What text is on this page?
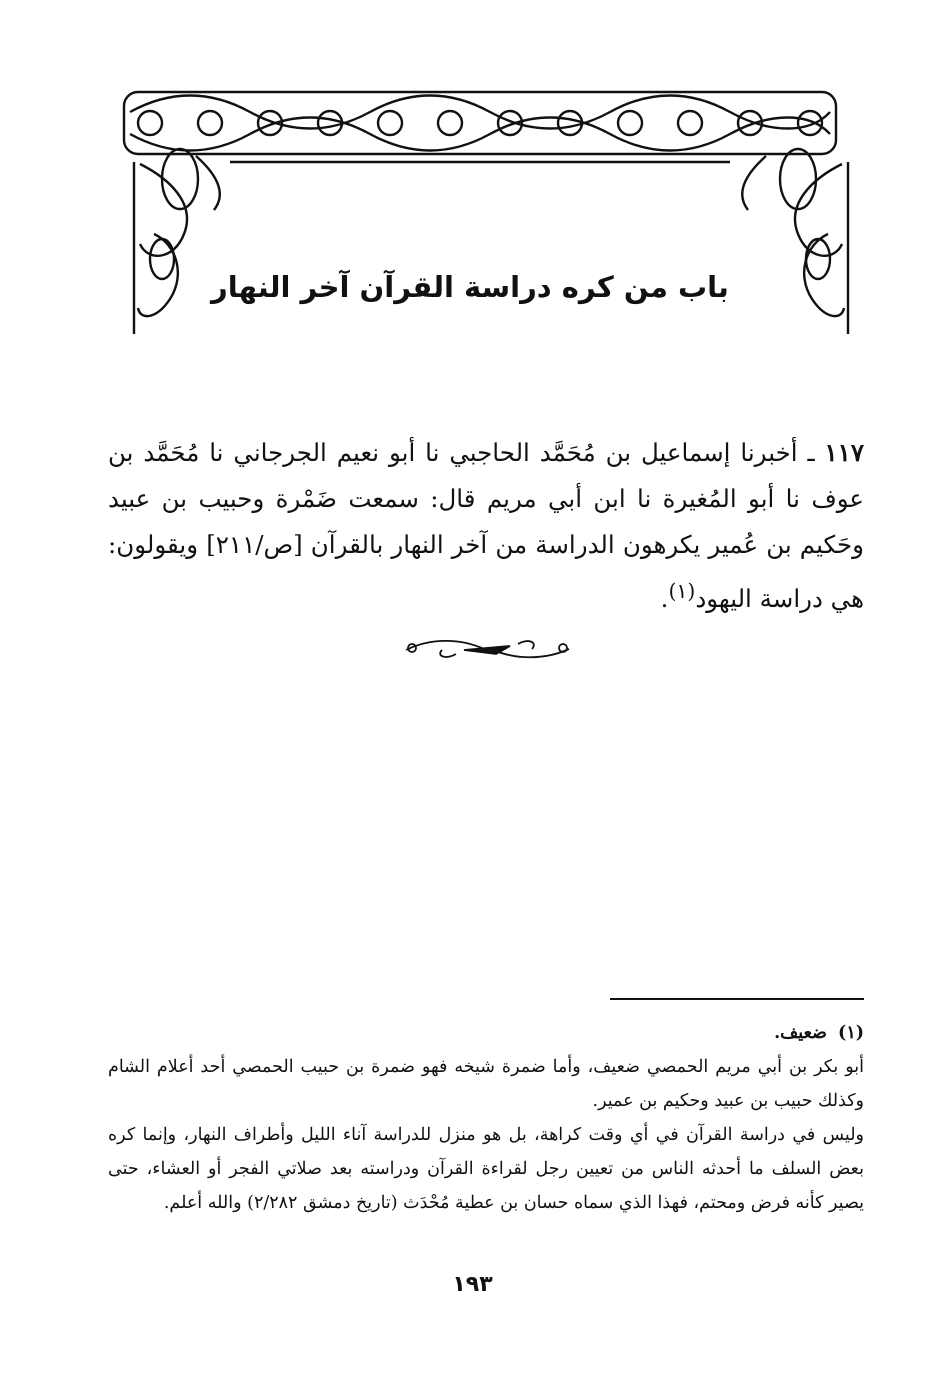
باب من كره دراسة القرآن آخر النهار
١١٧ ـ أخبرنا إسماعيل بن مُحَمَّد الحاجبي نا أبو نعيم الجرجاني نا مُحَمَّد بن عوف نا أبو المُغيرة نا ابن أبي مريم قال: سمعت ضَمْرة وحبيب بن عبيد وحَكيم بن عُمير يكرهون الدراسة من آخر النهار بالقرآن [ص/٢١١] ويقولون: هي دراسة اليهود$^{(١)}$.
(١)  ضعيف.

أبو بكر بن أبي مريم الحمصي ضعيف، وأما ضمرة شيخه فهو ضمرة بن حبيب الحمصي أحد أعلام الشام وكذلك حبيب بن عبيد وحكيم بن عمير.

وليس في دراسة القرآن في أي وقت كراهة، بل هو منزل للدراسة آناء الليل وأطراف النهار، وإنما كره بعض السلف ما أحدثه الناس من تعيين رجل لقراءة القرآن ودراسته بعد صلاتي الفجر أو العشاء، حتى يصير كأنه فرض ومحتم، فهذا الذي سماه حسان بن عطية مُحْدَث (تاريخ دمشق ٢/٢٨٢) والله أعلم.

١٩٣
